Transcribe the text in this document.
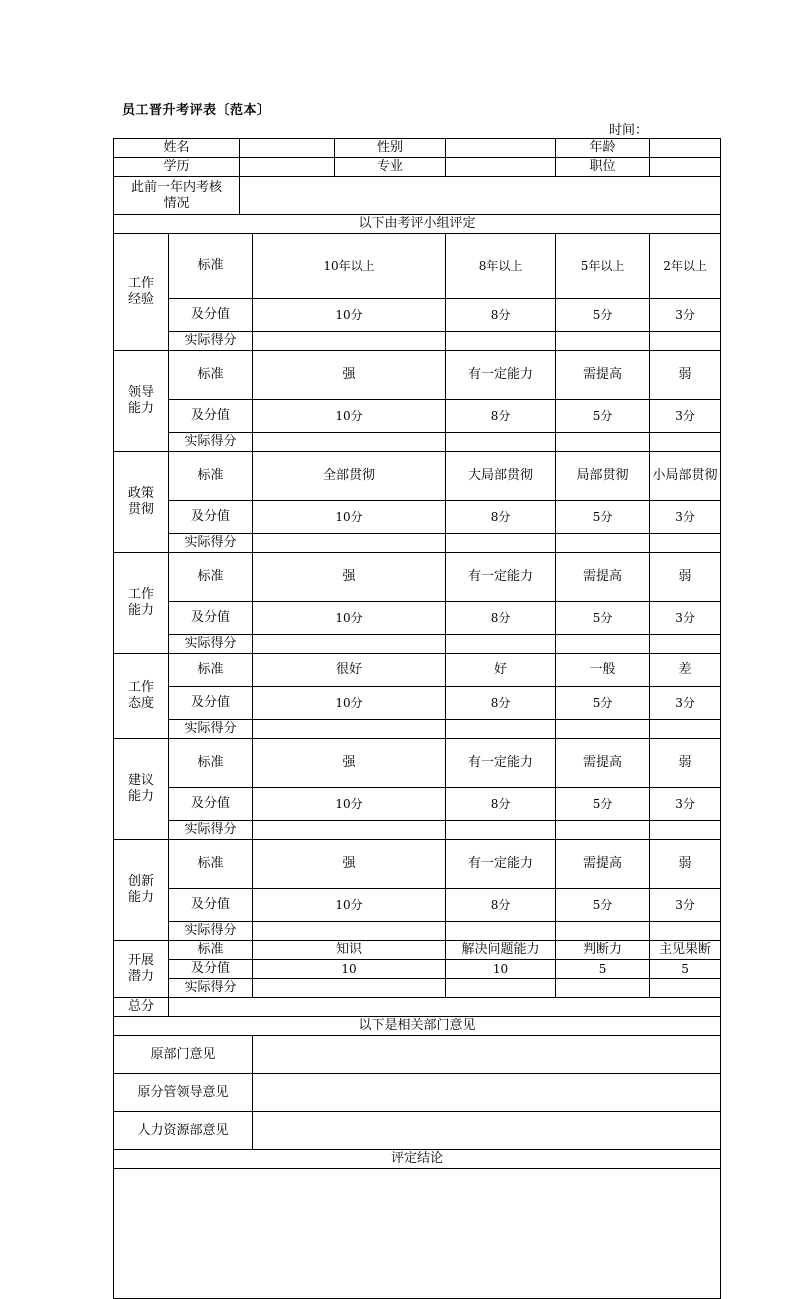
员工晋升考评表〔范本〕
时间：
姓名				性别		年龄		
学历				专业		职位		

此前一年内考核
情况								

以下由考评小组评定								

工作
经验	标准		10年以上		8年以上	5年以上	2年以上	
	及分值		10分		8分	5分	3分	
	实际得分							

领导
能力	标准		强		有一定能力	需提高	弱	
	及分值		10分		8分	5分	3分	
	实际得分							

政策
贯彻	标准		全部贯彻		大局部贯彻	局部贯彻	小局部贯彻	
	及分值		10分		8分	5分	3分	
	实际得分							

工作
能力	标准		强		有一定能力	需提高	弱	
	及分值		10分		8分	5分	3分	
	实际得分							

工作
态度	标准		很好		好	一般	差	
	及分值		10分		8分	5分	3分	
	实际得分							

建议
能力	标准		强		有一定能力	需提高	弱	
	及分值		10分		8分	5分	3分	
	实际得分							

创新
能力	标准		强		有一定能力	需提高	弱	
	及分值		10分		8分	5分	3分	
	实际得分							

开展
潜力	标准		知识		解决问题能力	判断力	主见果断	
	及分值		10		10	5	5	
	实际得分							
总分								
以下是相关部门意见								
原部门意见								
原分管领导意见								
人力资源部意见								
评定结论								
